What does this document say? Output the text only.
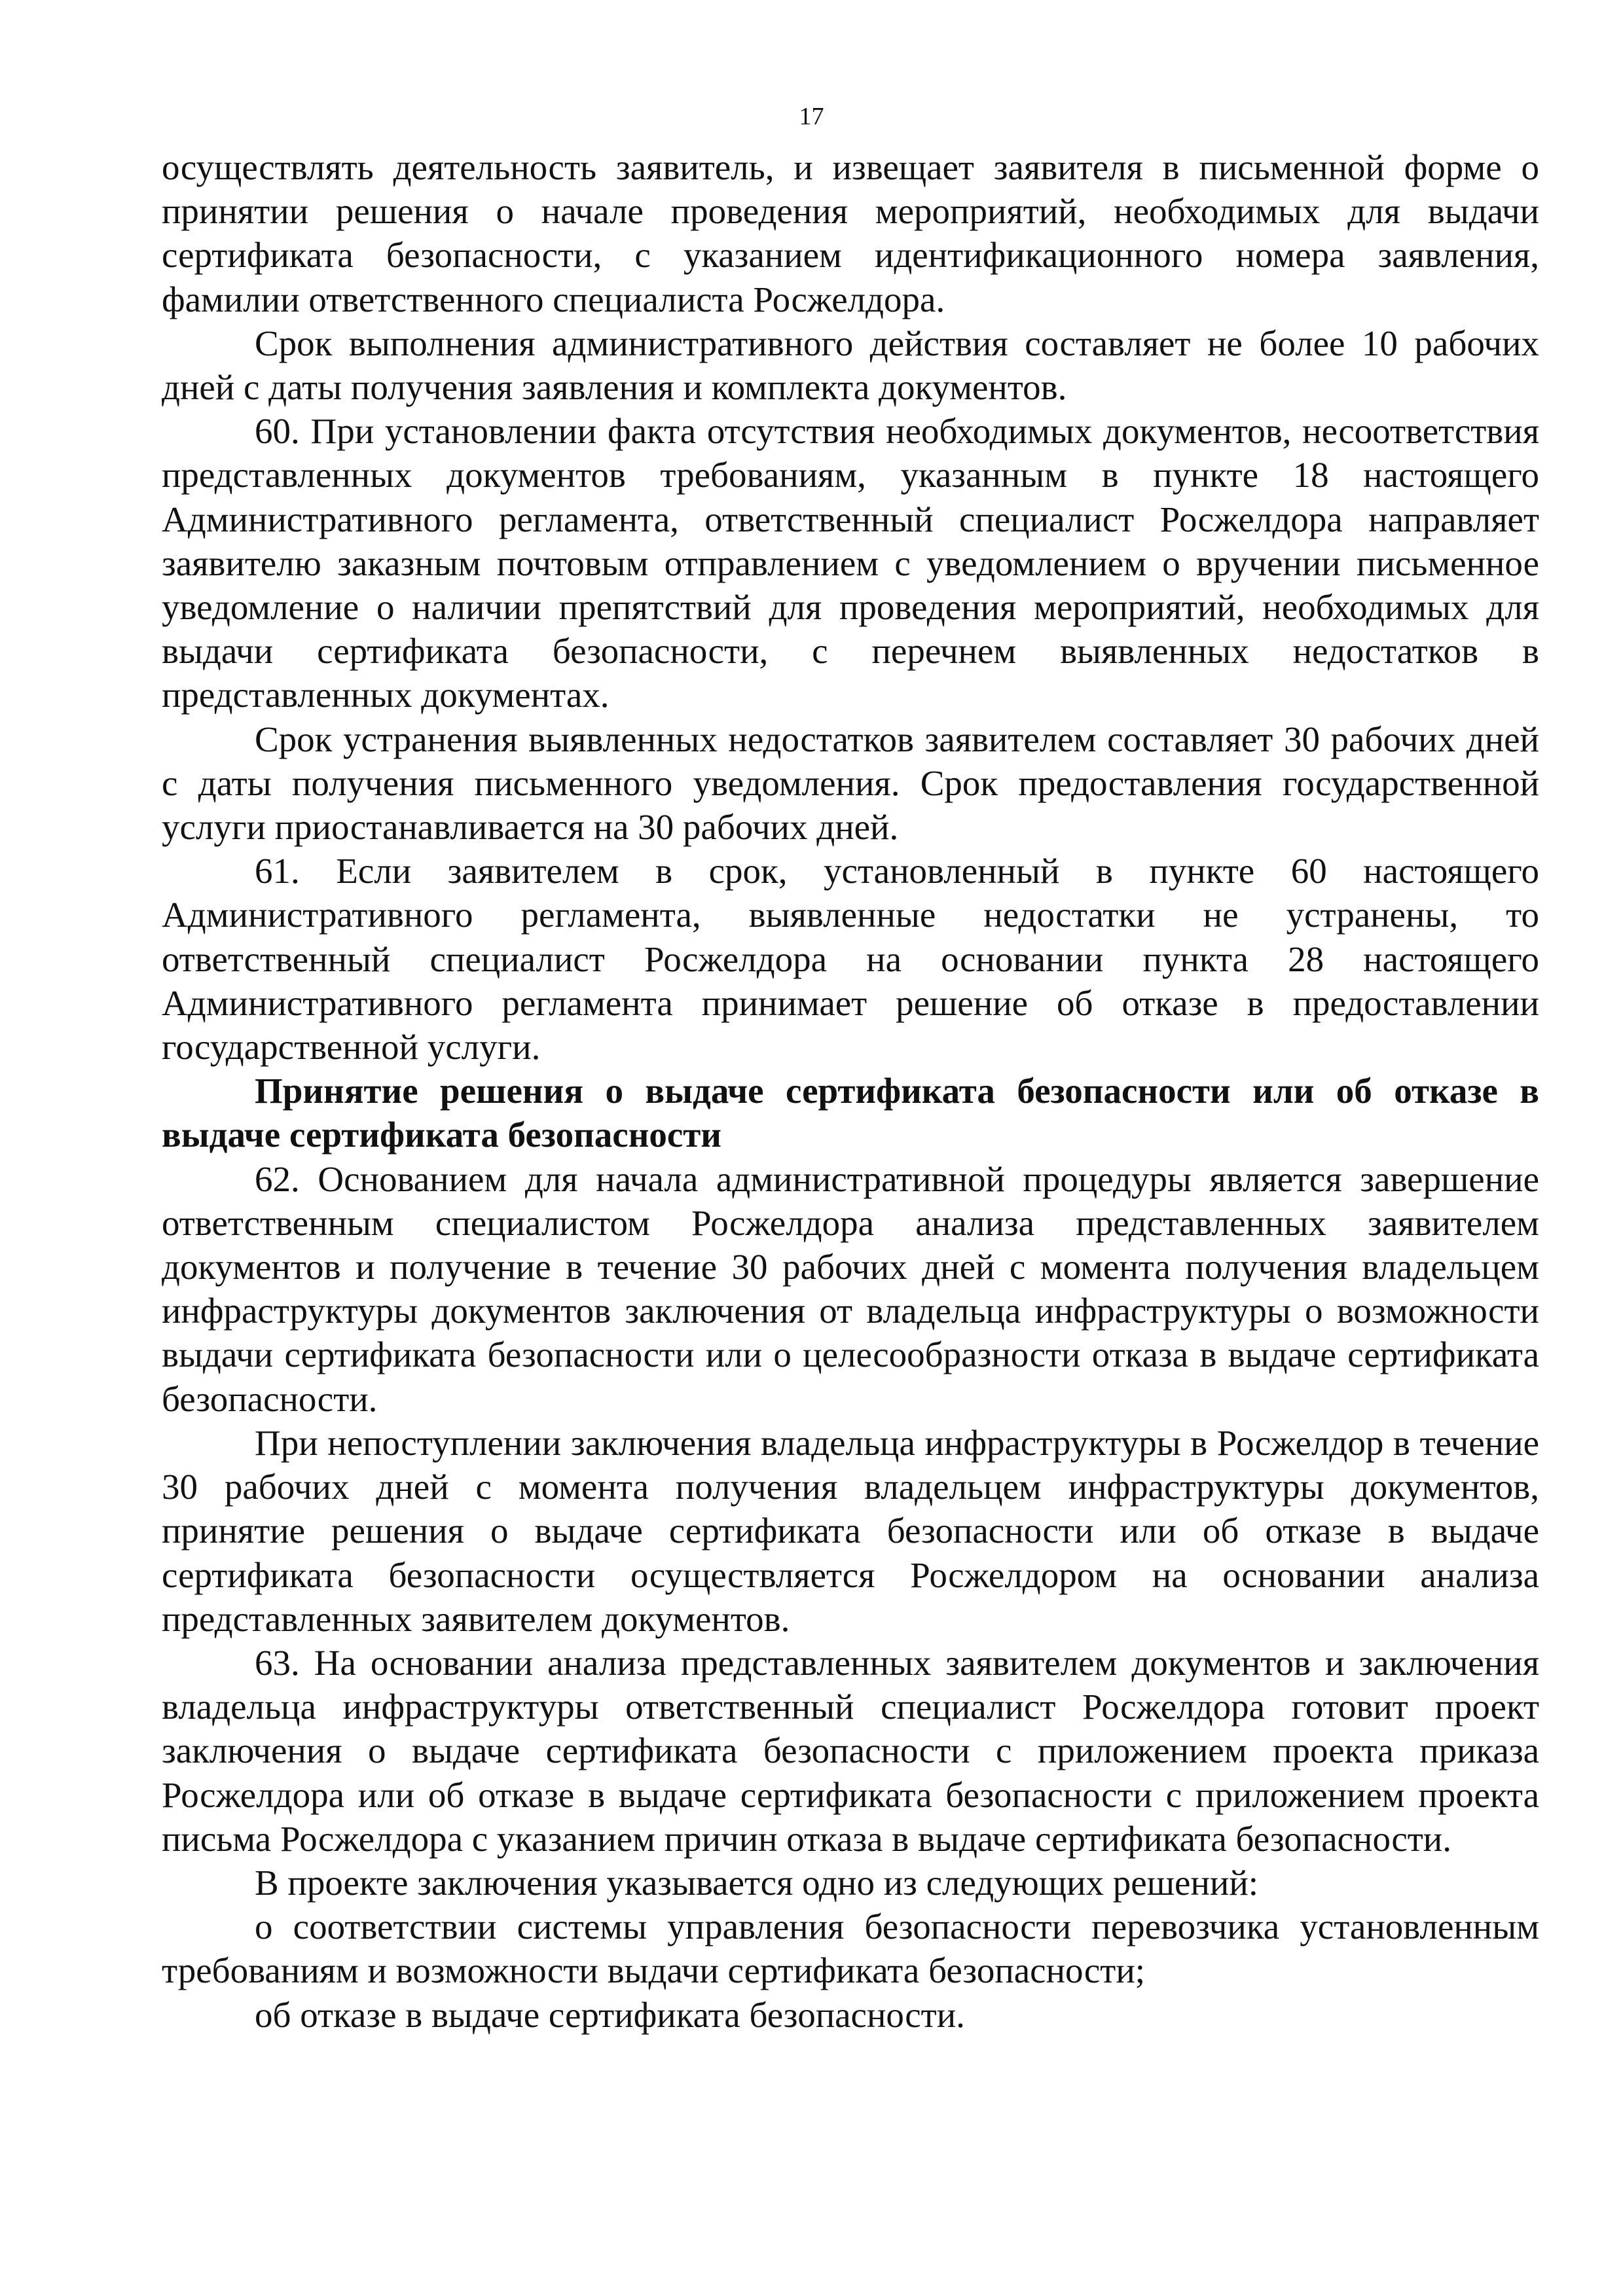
17

осуществлять деятельность заявитель, и извещает заявителя в письменной форме о принятии решения о начале проведения мероприятий, необходимых для выдачи сертификата безопасности, с указанием идентификационного номера заявления, фамилии ответственного специалиста Росжелдора.

Срок выполнения административного действия составляет не более 10 рабочих дней с даты получения заявления и комплекта документов.

60. При установлении факта отсутствия необходимых документов, несоответствия представленных документов требованиям, указанным в пункте 18 настоящего Административного регламента, ответственный специалист Росжелдора направляет заявителю заказным почтовым отправлением с уведомлением о вручении письменное уведомление о наличии препятствий для проведения мероприятий, необходимых для выдачи сертификата безопасности, с перечнем выявленных недостатков в представленных документах.

Срок устранения выявленных недостатков заявителем составляет 30 рабочих дней с даты получения письменного уведомления. Срок предоставления государственной услуги приостанавливается на 30 рабочих дней.

61. Если заявителем в срок, установленный в пункте 60 настоящего Административного регламента, выявленные недостатки не устранены, то ответственный специалист Росжелдора на основании пункта 28 настоящего Административного регламента принимает решение об отказе в предоставлении государственной услуги.

Принятие решения о выдаче сертификата безопасности или об отказе в выдаче сертификата безопасности

62. Основанием для начала административной процедуры является завершение ответственным специалистом Росжелдора анализа представленных заявителем документов и получение в течение 30 рабочих дней с момента получения владельцем инфраструктуры документов заключения от владельца инфраструктуры о возможности выдачи сертификата безопасности или о целесообразности отказа в выдаче сертификата безопасности.

При непоступлении заключения владельца инфраструктуры в Росжелдор в течение 30 рабочих дней с момента получения владельцем инфраструктуры документов, принятие решения о выдаче сертификата безопасности или об отказе в выдаче сертификата безопасности осуществляется Росжелдором на основании анализа представленных заявителем документов.

63. На основании анализа представленных заявителем документов и заключения владельца инфраструктуры ответственный специалист Росжелдора готовит проект заключения о выдаче сертификата безопасности с приложением проекта приказа Росжелдора или об отказе в выдаче сертификата безопасности с приложением проекта письма Росжелдора с указанием причин отказа в выдаче сертификата безопасности.

В проекте заключения указывается одно из следующих решений:

о соответствии системы управления безопасности перевозчика установленным требованиям и возможности выдачи сертификата безопасности;

об отказе в выдаче сертификата безопасности.
